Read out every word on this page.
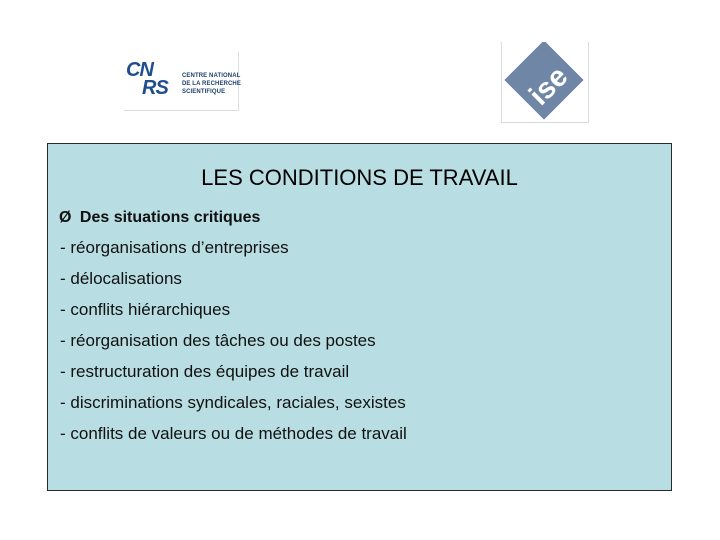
CN
RS
CENTRE NATIONAL
DE LA RECHERCHE
SCIENTIFIQUE	ise
LES CONDITIONS DE TRAVAIL
Ø Des situations critiques
- réorganisations d’entreprises
- délocalisations
- conflits hiérarchiques
- réorganisation des tâches ou des postes
- restructuration des équipes de travail
- discriminations syndicales, raciales, sexistes
- conflits de valeurs ou de méthodes de travail
